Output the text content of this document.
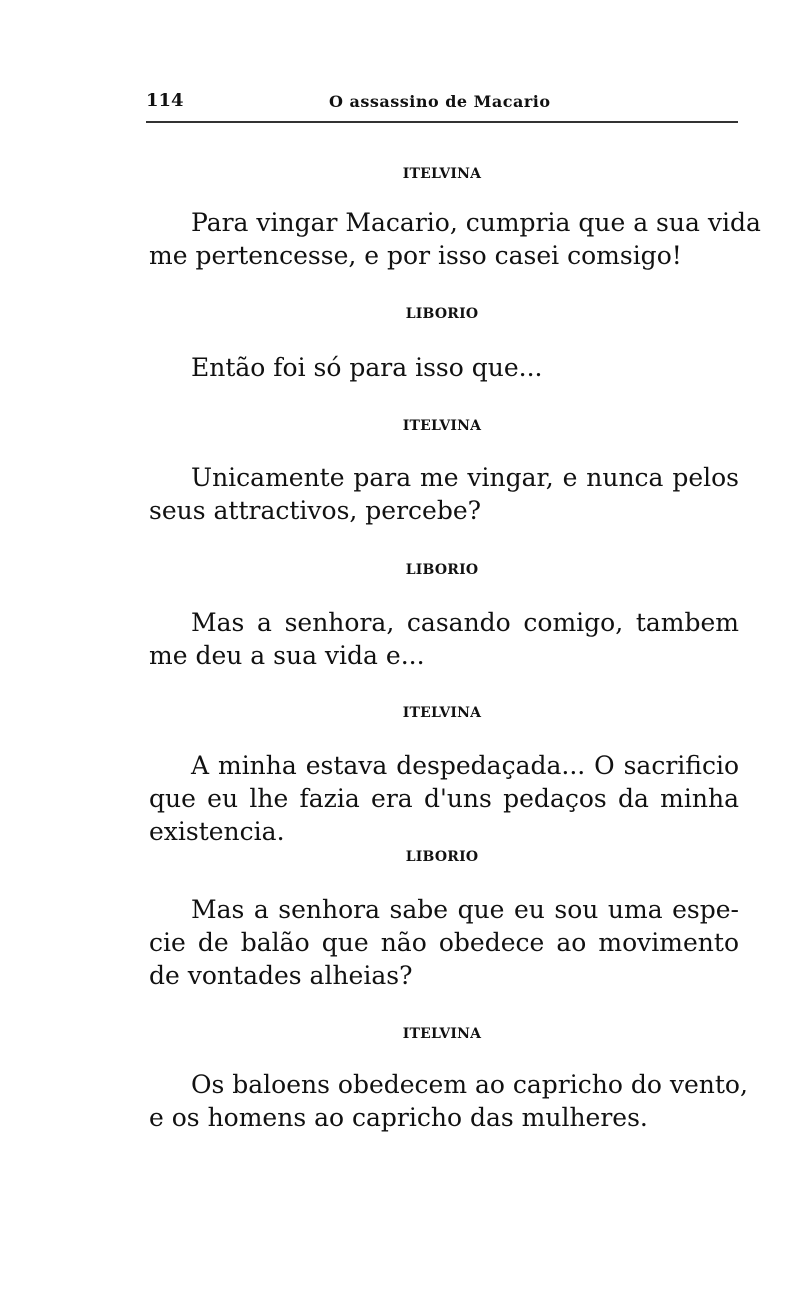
114	O assassino de Macario
ITELVINA

Para vingar Macario, cumpria que a sua vida
me pertencesse, e por isso casei comsigo!

LIBORIO

Então foi só para isso que...

ITELVINA

Unicamente para me vingar, e nunca pelos
seus attractivos, percebe?

LIBORIO

Mas a senhora, casando comigo, tambem
me deu a sua vida e...

ITELVINA

A minha estava despedaçada... O sacrificio
que eu lhe fazia era d'uns pedaços da minha
existencia.

LIBORIO

Mas a senhora sabe que eu sou uma espe-
cie de balão que não obedece ao movimento
de vontades alheias?

ITELVINA

Os baloens obedecem ao capricho do vento,
e os homens ao capricho das mulheres.
